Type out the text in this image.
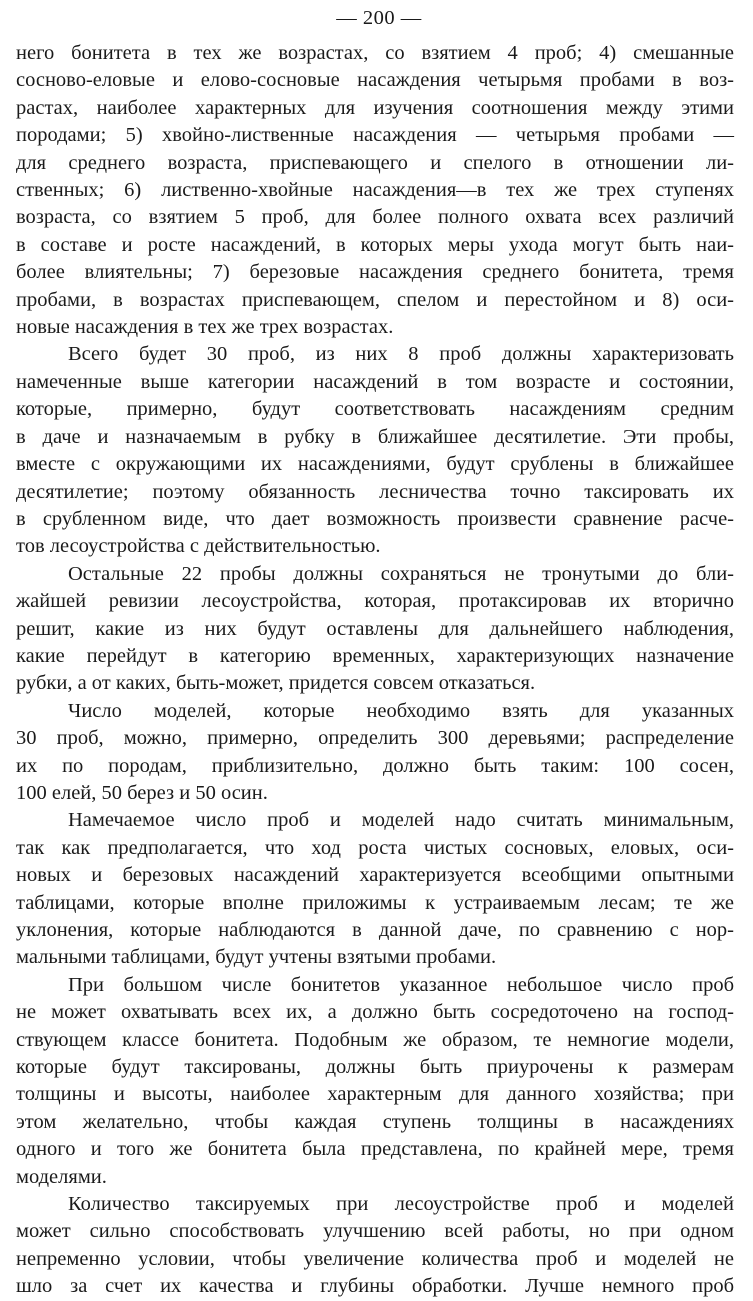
— 200 —
него бонитета в тех же возрастах, со взятием 4 проб; 4) смешанные
сосново-еловые и елово-сосновые насаждения четырьмя пробами в воз-
растах, наиболее характерных для изучения соотношения между этими
породами; 5) хвойно-лиственные насаждения — четырьмя пробами —
для среднего возраста, приспевающего и спелого в отношении ли-
ственных; 6) лиственно-хвойные насаждения—в тех же трех ступенях
возраста, со взятием 5 проб, для более полного охвата всех различий
в составе и росте насаждений, в которых меры ухода могут быть наи-
более влиятельны; 7) березовые насаждения среднего бонитета, тремя
пробами, в возрастах приспевающем, спелом и перестойном и 8) оси-
новые насаждения в тех же трех возрастах.
Всего будет 30 проб, из них 8 проб должны характеризовать
намеченные выше категории насаждений в том возрасте и состоянии,
которые, примерно, будут соответствовать насаждениям средним
в даче и назначаемым в рубку в ближайшее десятилетие. Эти пробы,
вместе с окружающими их насаждениями, будут срублены в ближайшее
десятилетие; поэтому обязанность лесничества точно таксировать их
в срубленном виде, что дает возможность произвести сравнение расче-
тов лесоустройства с действительностью.
Остальные 22 пробы должны сохраняться не тронутыми до бли-
жайшей ревизии лесоустройства, которая, протаксировав их вторично
решит, какие из них будут оставлены для дальнейшего наблюдения,
какие перейдут в категорию временных, характеризующих назначение
рубки, а от каких, быть-может, придется совсем отказаться.
Число моделей, которые необходимо взять для указанных
30 проб, можно, примерно, определить 300 деревьями; распределение
их по породам, приблизительно, должно быть таким: 100 сосен,
100 елей, 50 берез и 50 осин.
Намечаемое число проб и моделей надо считать минимальным,
так как предполагается, что ход роста чистых сосновых, еловых, оси-
новых и березовых насаждений характеризуется всеобщими опытными
таблицами, которые вполне приложимы к устраиваемым лесам; те же
уклонения, которые наблюдаются в данной даче, по сравнению с нор-
мальными таблицами, будут учтены взятыми пробами.
При большом числе бонитетов указанное небольшое число проб
не может охватывать всех их, а должно быть сосредоточено на господ-
ствующем классе бонитета. Подобным же образом, те немногие модели,
которые будут таксированы, должны быть приурочены к размерам
толщины и высоты, наиболее характерным для данного хозяйства; при
этом желательно, чтобы каждая ступень толщины в насаждениях
одного и того же бонитета была представлена, по крайней мере, тремя
моделями.
Количество таксируемых при лесоустройстве проб и моделей
может сильно способствовать улучшению всей работы, но при одном
непременно условии, чтобы увеличение количества проб и моделей не
шло за счет их качества и глубины обработки. Лучше немного проб
